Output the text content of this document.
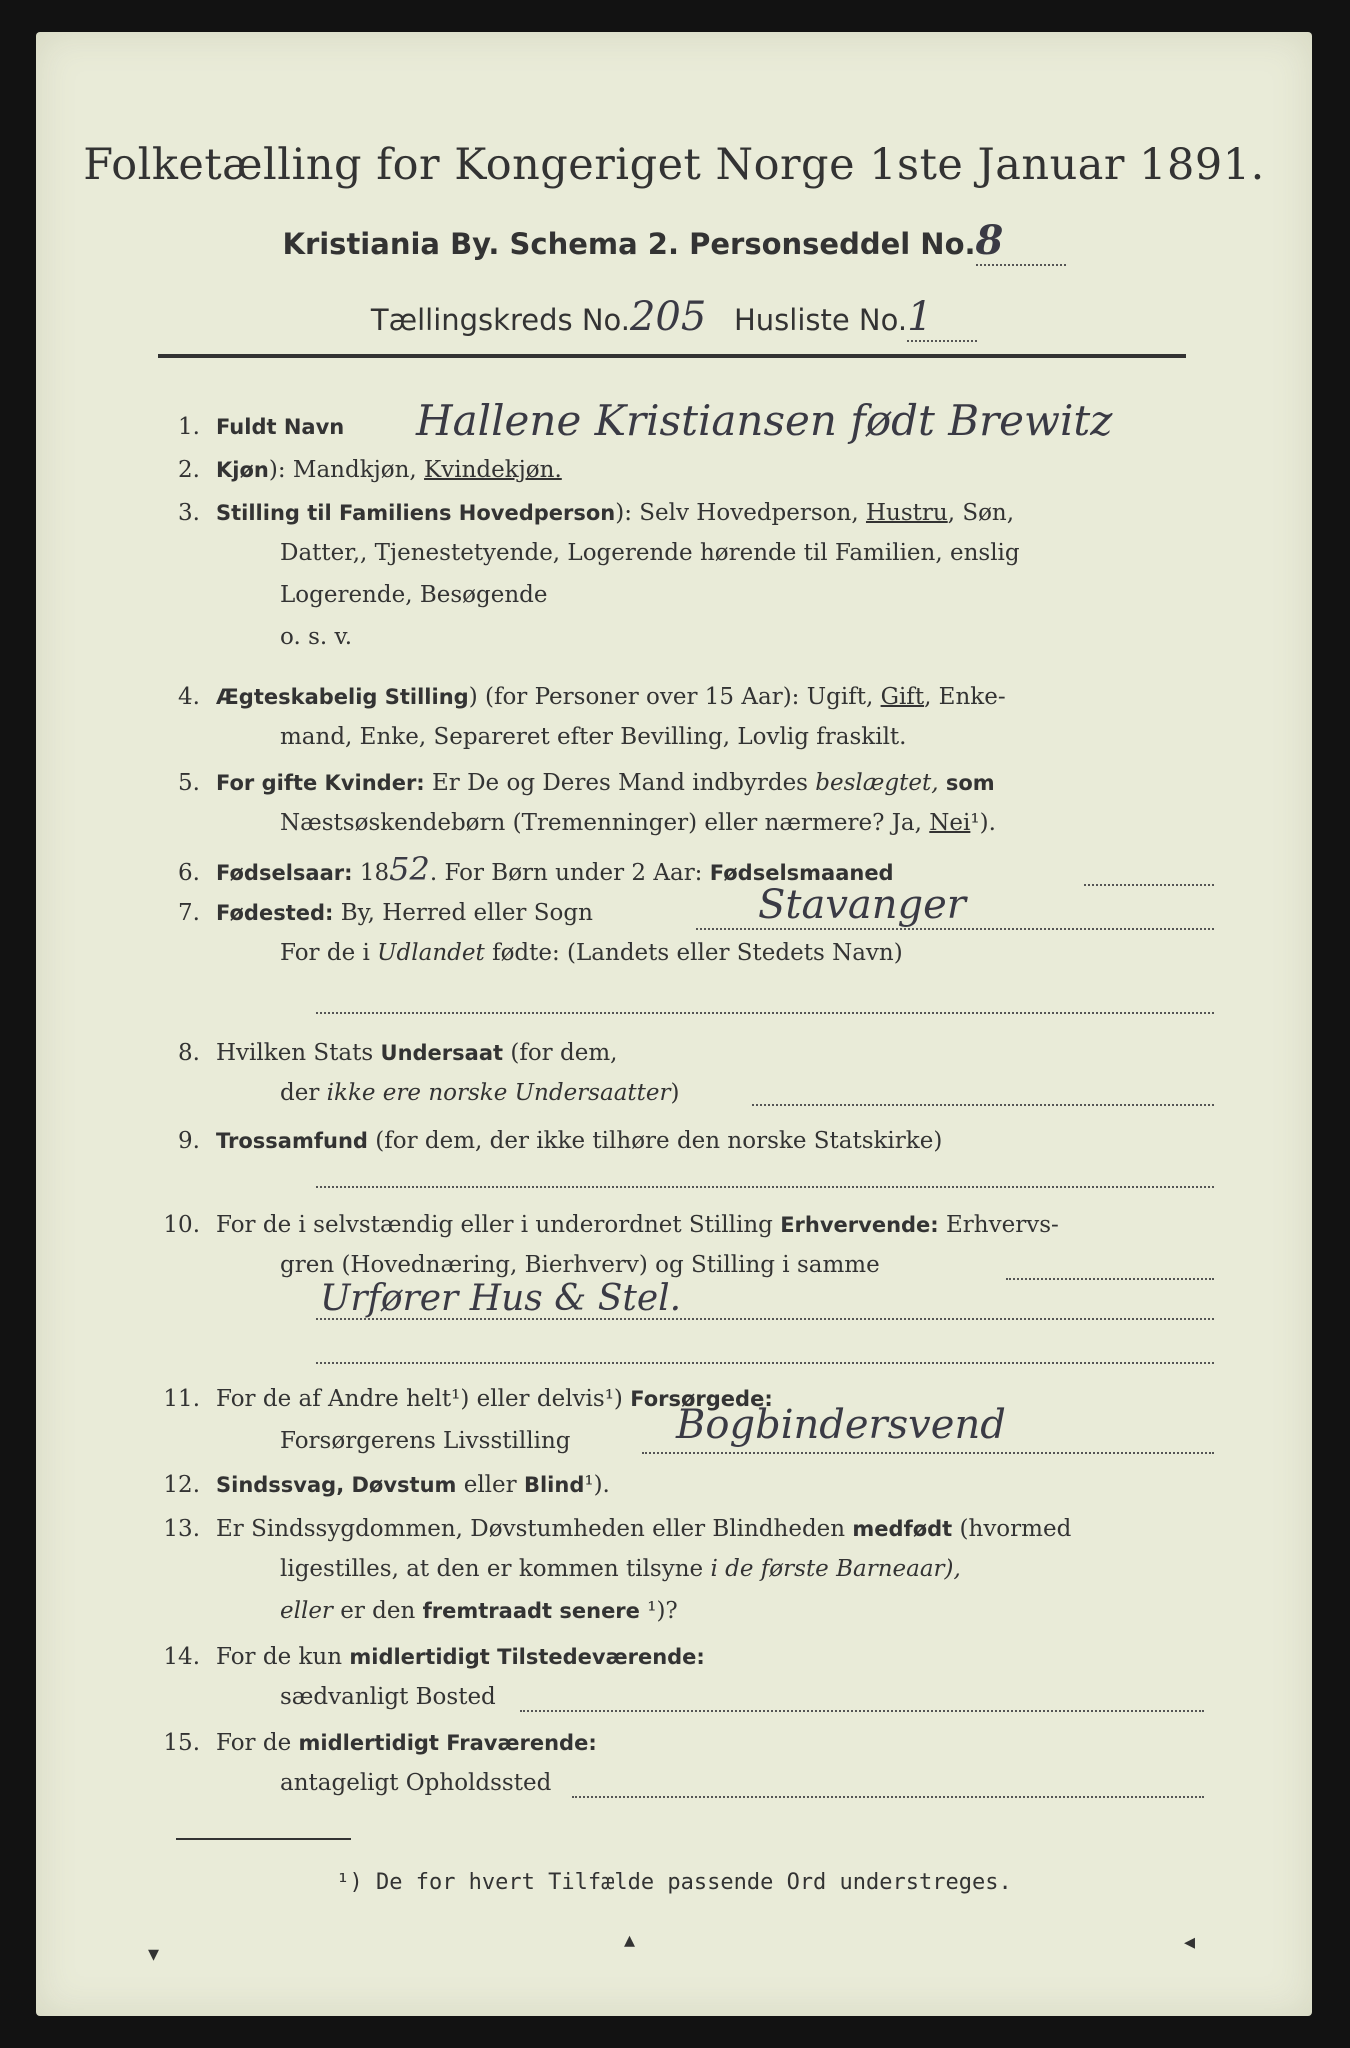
Folketælling for Kongeriget Norge 1ste Januar 1891.
Kristiania By. Schema 2. Personseddel No.8
Tællingskreds No.205 Husliste No.1
1. Fuldt Navn	Hallene Kristiansen født Brewitz
2. Kjøn): Mandkjøn, Kvindekjøn.
3. Stilling til Familiens Hovedperson): Selv Hovedperson, Hustru, Søn,
Datter,, Tjenestetyende, Logerende hørende til Familien, enslig
Logerende, Besøgende
o. s. v.
4. Ægteskabelig Stilling) (for Personer over 15 Aar): Ugift, Gift, Enke-
mand, Enke, Separeret efter Bevilling, Lovlig fraskilt.
5. For gifte Kvinder: Er De og Deres Mand indbyrdes beslægtet, som
Næstsøskendebørn (Tremenninger) eller nærmere? Ja, Nei¹).
6. Fødselsaar: 1852. For Børn under 2 Aar: Fødselsmaaned
7. Fødested: By, Herred eller Sogn	Stavanger
For de i Udlandet fødte: (Landets eller Stedets Navn)
8. Hvilken Stats Undersaat (for dem,
der ikke ere norske Undersaatter)
9. Trossamfund (for dem, der ikke tilhøre den norske Statskirke)
10. For de i selvstændig eller i underordnet Stilling Erhvervende: Erhvervs-
gren (Hovednæring, Bierhverv) og Stilling i samme
Urfører Hus & Stel.
11. For de af Andre helt¹) eller delvis¹) Forsørgede:
Forsørgerens Livsstilling	Bogbindersvend
12. Sindssvag, Døvstum eller Blind¹).
13. Er Sindssygdommen, Døvstumheden eller Blindheden medfødt (hvormed
ligestilles, at den er kommen tilsyne i de første Barneaar),
eller er den fremtraadt senere ¹)?
14. For de kun midlertidigt Tilstedeværende:
sædvanligt Bosted
15. For de midlertidigt Fraværende:
antageligt Opholdssted
¹) De for hvert Tilfælde passende Ord understreges.
▾
▴	◂
